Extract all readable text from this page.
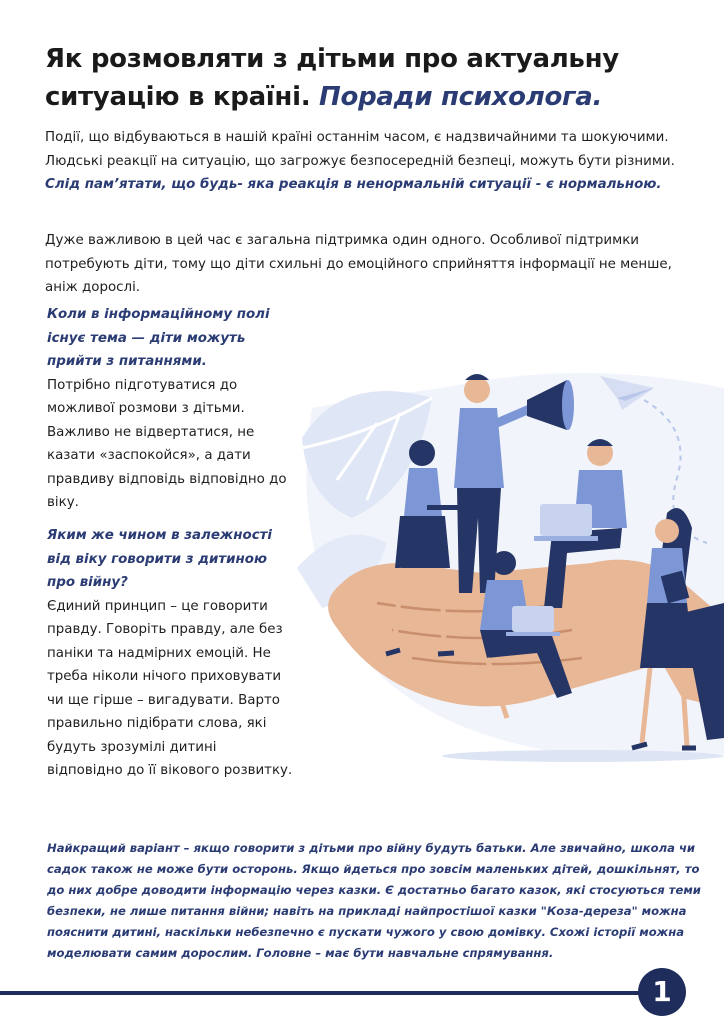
Як розмовляти з дітьми про актуальну ситуацію в країні. Поради психолога.

Події, що відбуваються в нашій країні останнім часом, є надзвичайними та шокуючими. Людські реакції на ситуацію, що загрожує безпосередній безпеці, можуть бути різними. Слід пам’ятати, що будь- яка реакція в ненормальній ситуації - є нормальною.

Дуже важливою в цей час є загальна підтримка один одного. Особливої підтримки потребують діти, тому що діти схильні до емоційного сприйняття інформації не менше, аніж дорослі.

Коли в інформаційному полі існує тема — діти можуть прийти з питаннями.
Потрібно підготуватися до можливої розмови з дітьми. Важливо не відвертатися, не казати «заспокойся», а дати правдиву відповідь відповідно до віку.
Яким же чином в залежності від віку говорити з дитиною про війну?
Єдиний принцип – це говорити правду. Говоріть правду, але без паніки та надмірних емоцій. Не треба ніколи нічого приховувати чи ще гірше – вигадувати. Варто правильно підібрати слова, які будуть зрозумілі дитині відповідно до її вікового розвитку.

Найкращий варіант – якщо говорити з дітьми про війну будуть батьки. Але звичайно, школа чи садок також не може бути осторонь. Якщо йдеться про зовсім маленьких дітей, дошкільнят, то до них добре доводити інформацію через казки. Є достатньо багато казок, які стосуються теми безпеки, не лише питання війни; навіть на прикладі найпростішої казки "Коза-дереза" можна пояснити дитині, наскільки небезпечно є пускати чужого у свою домівку. Схожі історії можна моделювати самим дорослим. Головне – має бути навчальне спрямування.

1
